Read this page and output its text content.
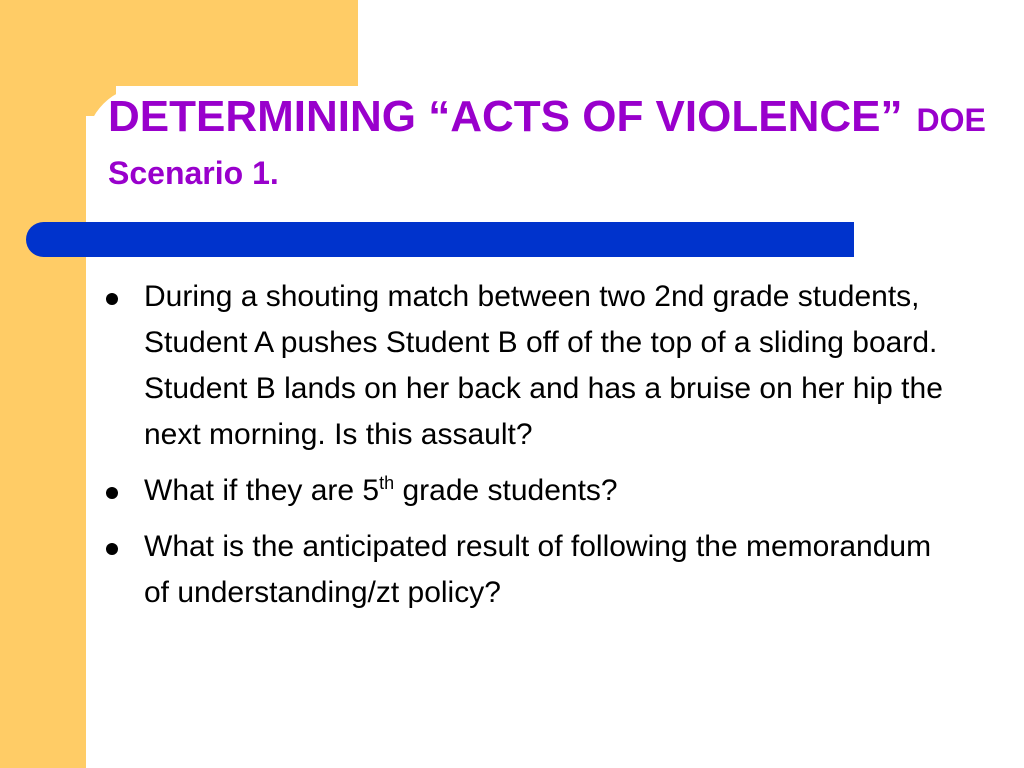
DETERMINING “ACTS OF VIOLENCE” DOE Scenario 1.
During a shouting match between two 2nd grade students, Student A pushes Student B off of the top of a sliding board. Student B lands on her back and has a bruise on her hip the next morning. Is this assault?
What if they are 5th grade students?
What is the anticipated result of following the memorandum of understanding/zt policy?
